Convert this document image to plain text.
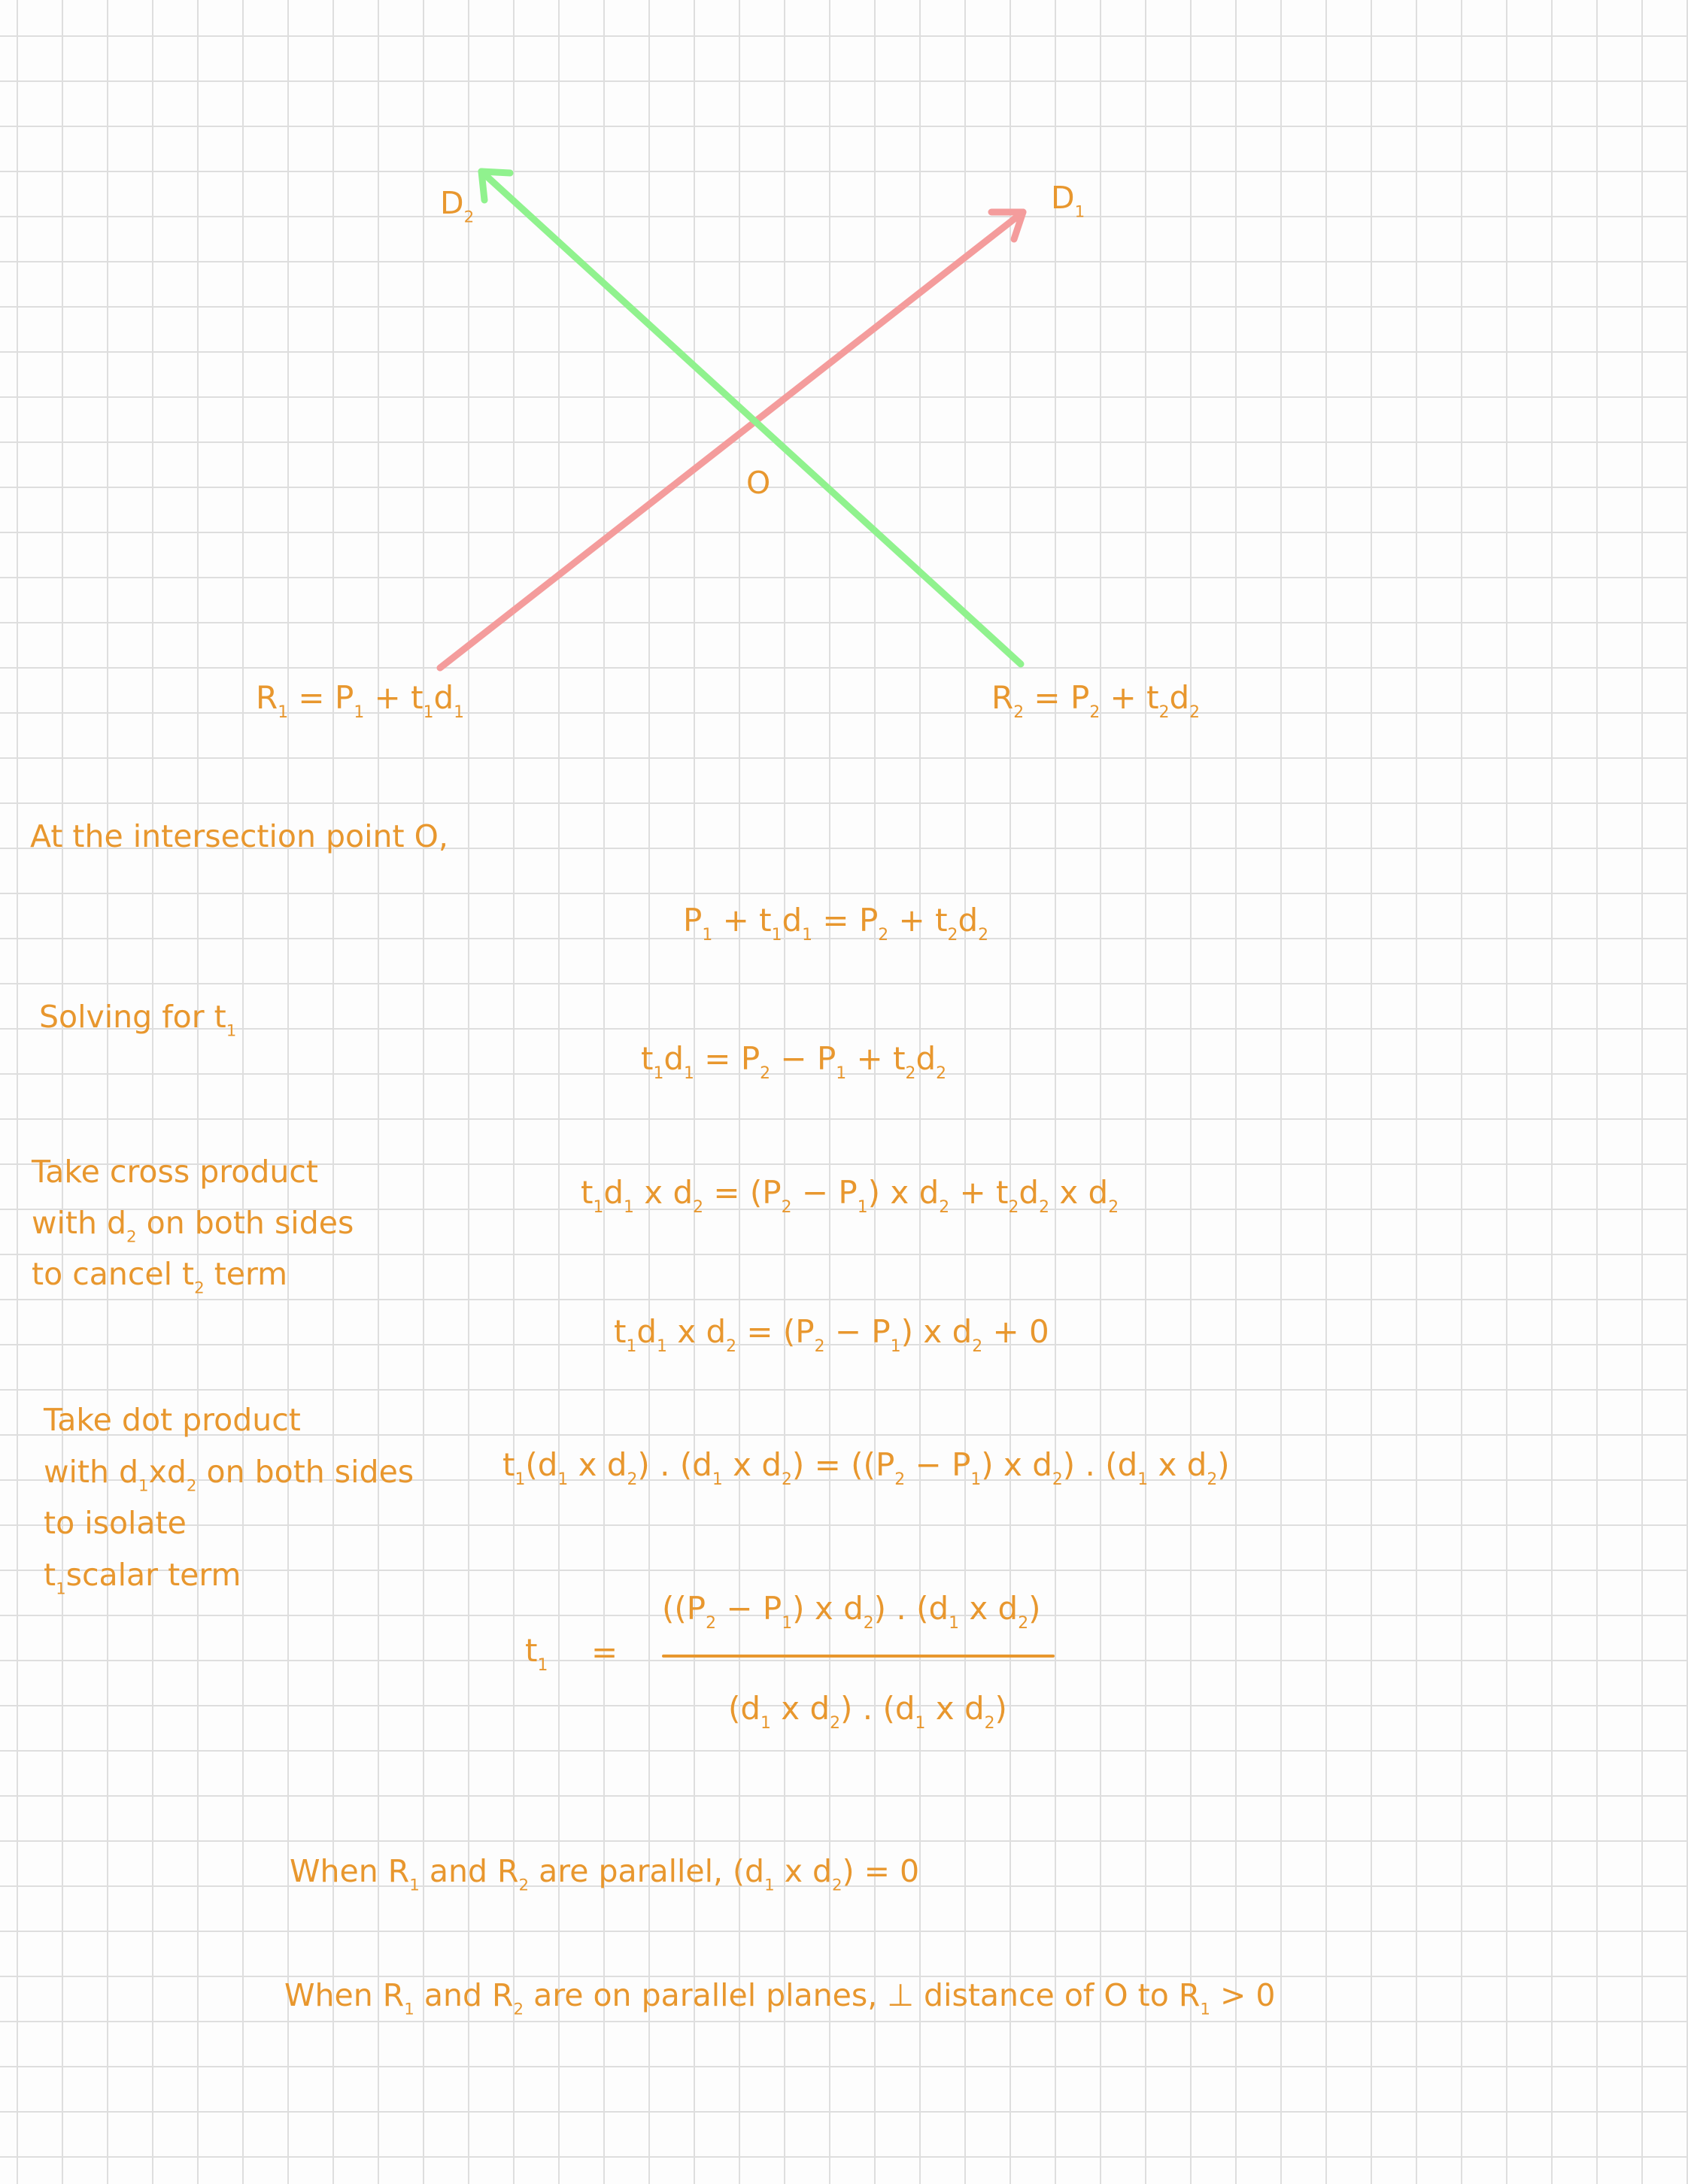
$D_2$
$D_1$
O
$R_1 = P_1 + t_1d_1$	$R_2 = P_2 + t_2d_2$
At the intersection point O,
Solving for $t_1$
Take cross product
with $d_2$ on both sides
to cancel $t_2$ term
Take dot product
with $d_1xd_2$ on both sides
to isolate
$t_1scalar$ term
$P_1 + t_1d_1 = P_2 + t_2d_2$
$t_1d_1 = P_2 - P_1 + t_2d_2$
$t_1d_1$ x $d_2 = (P_2 - P_1)$ x $d_2 + t_2d_2$ x $d_2$
$t_1d_1$ x $d_2 = (P_2 - P_1)$ x $d_2 + 0$
$t_1(d_1$ x $d_2$) . ($d_1$ x $d_2) = ((P_2 - P_1)$ x $d_2$) . ($d_1$ x $d_2$)
$t_1$ =
($(P_2 - P_1)$ x $d_2$) . ($d_1$ x $d_2$)
($d_1$ x $d_2$) . ($d_1$ x $d_2$)
When $R_1$ and $R_2$ are parallel, ($d_1$ x $d_2) = 0$
When $R_1$ and $R_2$ are on parallel planes, ⊥ distance of O to $R_1 > 0$
